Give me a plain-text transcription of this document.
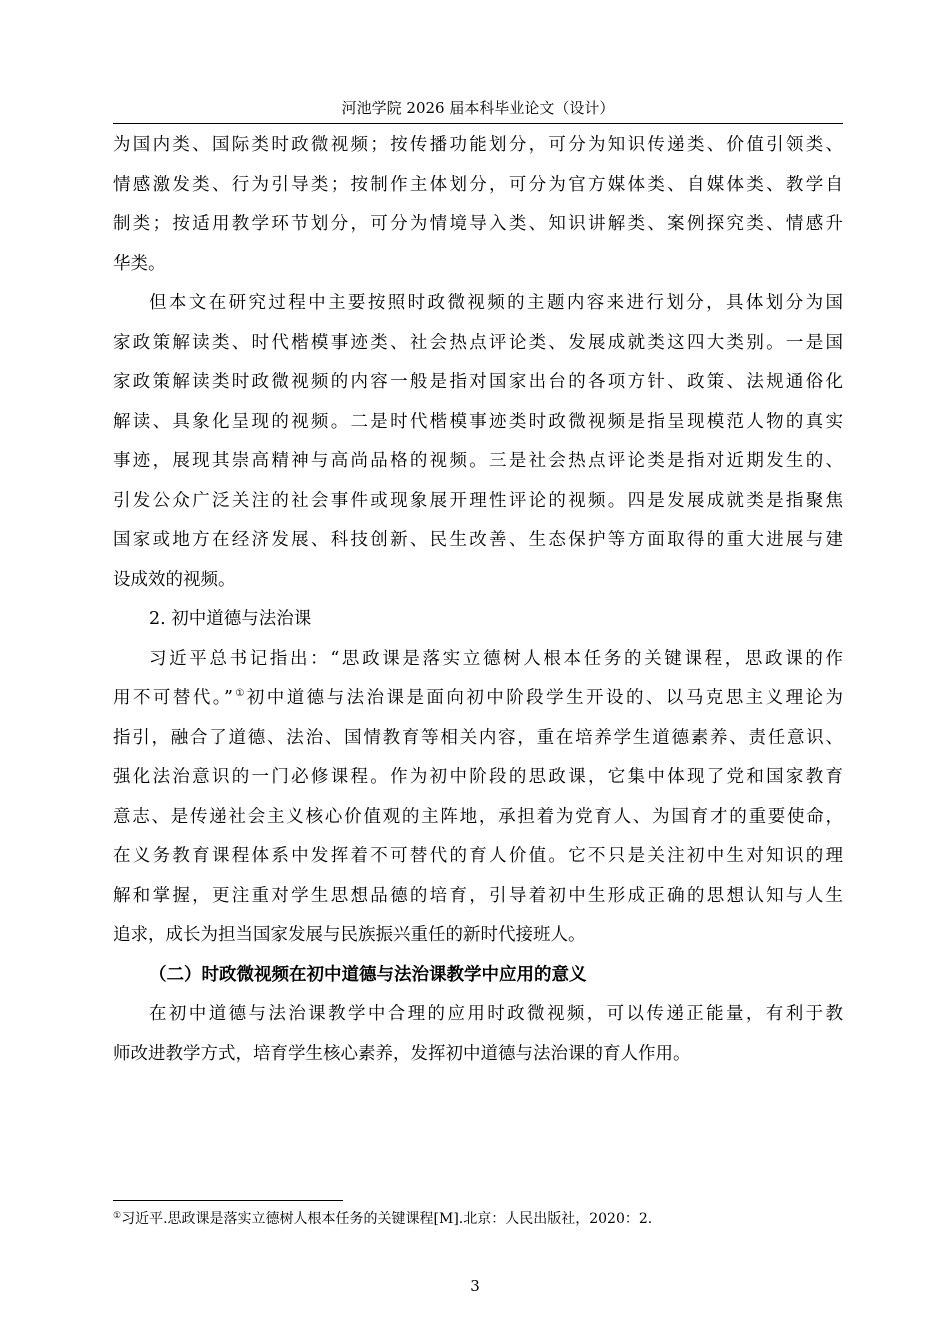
河池学院 2026 届本科毕业论文（设计）
为国内类、国际类时政微视频；按传播功能划分，可分为知识传递类、价值引领类、
情感激发类、行为引导类；按制作主体划分，可分为官方媒体类、自媒体类、教学自
制类；按适用教学环节划分，可分为情境导入类、知识讲解类、案例探究类、情感升
华类。
但本文在研究过程中主要按照时政微视频的主题内容来进行划分，具体划分为国
家政策解读类、时代楷模事迹类、社会热点评论类、发展成就类这四大类别。一是国
家政策解读类时政微视频的内容一般是指对国家出台的各项方针、政策、法规通俗化
解读、具象化呈现的视频。二是时代楷模事迹类时政微视频是指呈现模范人物的真实
事迹，展现其崇高精神与高尚品格的视频。三是社会热点评论类是指对近期发生的、
引发公众广泛关注的社会事件或现象展开理性评论的视频。四是发展成就类是指聚焦
国家或地方在经济发展、科技创新、民生改善、生态保护等方面取得的重大进展与建
设成效的视频。
2. 初中道德与法治课
习近平总书记指出：“思政课是落实立德树人根本任务的关键课程，思政课的作
用不可替代。”①初中道德与法治课是面向初中阶段学生开设的、以马克思主义理论为
指引，融合了道德、法治、国情教育等相关内容，重在培养学生道德素养、责任意识、
强化法治意识的一门必修课程。作为初中阶段的思政课，它集中体现了党和国家教育
意志、是传递社会主义核心价值观的主阵地，承担着为党育人、为国育才的重要使命，
在义务教育课程体系中发挥着不可替代的育人价值。它不只是关注初中生对知识的理
解和掌握，更注重对学生思想品德的培育，引导着初中生形成正确的思想认知与人生
追求，成长为担当国家发展与民族振兴重任的新时代接班人。
（二）时政微视频在初中道德与法治课教学中应用的意义
在初中道德与法治课教学中合理的应用时政微视频，可以传递正能量，有利于教
师改进教学方式，培育学生核心素养，发挥初中道德与法治课的育人作用。
①习近平.思政课是落实立德树人根本任务的关键课程[M].北京：人民出版社，2020：2.
3
